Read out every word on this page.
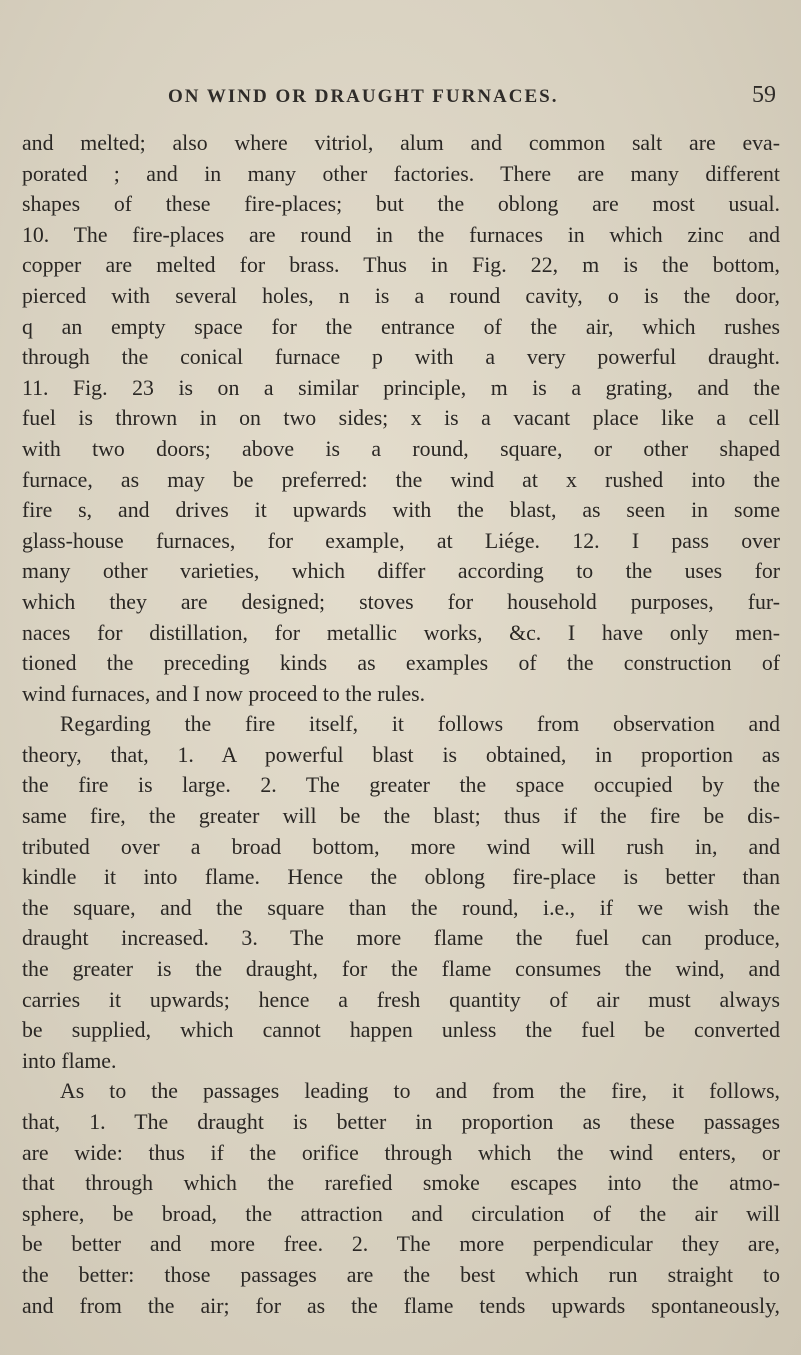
ON WIND OR DRAUGHT FURNACES.	59
and melted; also where vitriol, alum and common salt are eva-
porated ; and in many other factories. There are many different
shapes of these fire-places; but the oblong are most usual.
10. The fire-places are round in the furnaces in which zinc and
copper are melted for brass. Thus in Fig. 22, m is the bottom,
pierced with several holes, n is a round cavity, o is the door,
q an empty space for the entrance of the air, which rushes
through the conical furnace p with a very powerful draught.
11. Fig. 23 is on a similar principle, m is a grating, and the
fuel is thrown in on two sides; x is a vacant place like a cell
with two doors; above is a round, square, or other shaped
furnace, as may be preferred: the wind at x rushed into the
fire s, and drives it upwards with the blast, as seen in some
glass-house furnaces, for example, at Liége. 12. I pass over
many other varieties, which differ according to the uses for
which they are designed; stoves for household purposes, fur-
naces for distillation, for metallic works, &c. I have only men-
tioned the preceding kinds as examples of the construction of
wind furnaces, and I now proceed to the rules.
Regarding the fire itself, it follows from observation and
theory, that, 1. A powerful blast is obtained, in proportion as
the fire is large. 2. The greater the space occupied by the
same fire, the greater will be the blast; thus if the fire be dis-
tributed over a broad bottom, more wind will rush in, and
kindle it into flame. Hence the oblong fire-place is better than
the square, and the square than the round, i.e., if we wish the
draught increased. 3. The more flame the fuel can produce,
the greater is the draught, for the flame consumes the wind, and
carries it upwards; hence a fresh quantity of air must always
be supplied, which cannot happen unless the fuel be converted
into flame.
As to the passages leading to and from the fire, it follows,
that, 1. The draught is better in proportion as these passages
are wide: thus if the orifice through which the wind enters, or
that through which the rarefied smoke escapes into the atmo-
sphere, be broad, the attraction and circulation of the air will
be better and more free. 2. The more perpendicular they are,
the better: those passages are the best which run straight to
and from the air; for as the flame tends upwards spontaneously,
